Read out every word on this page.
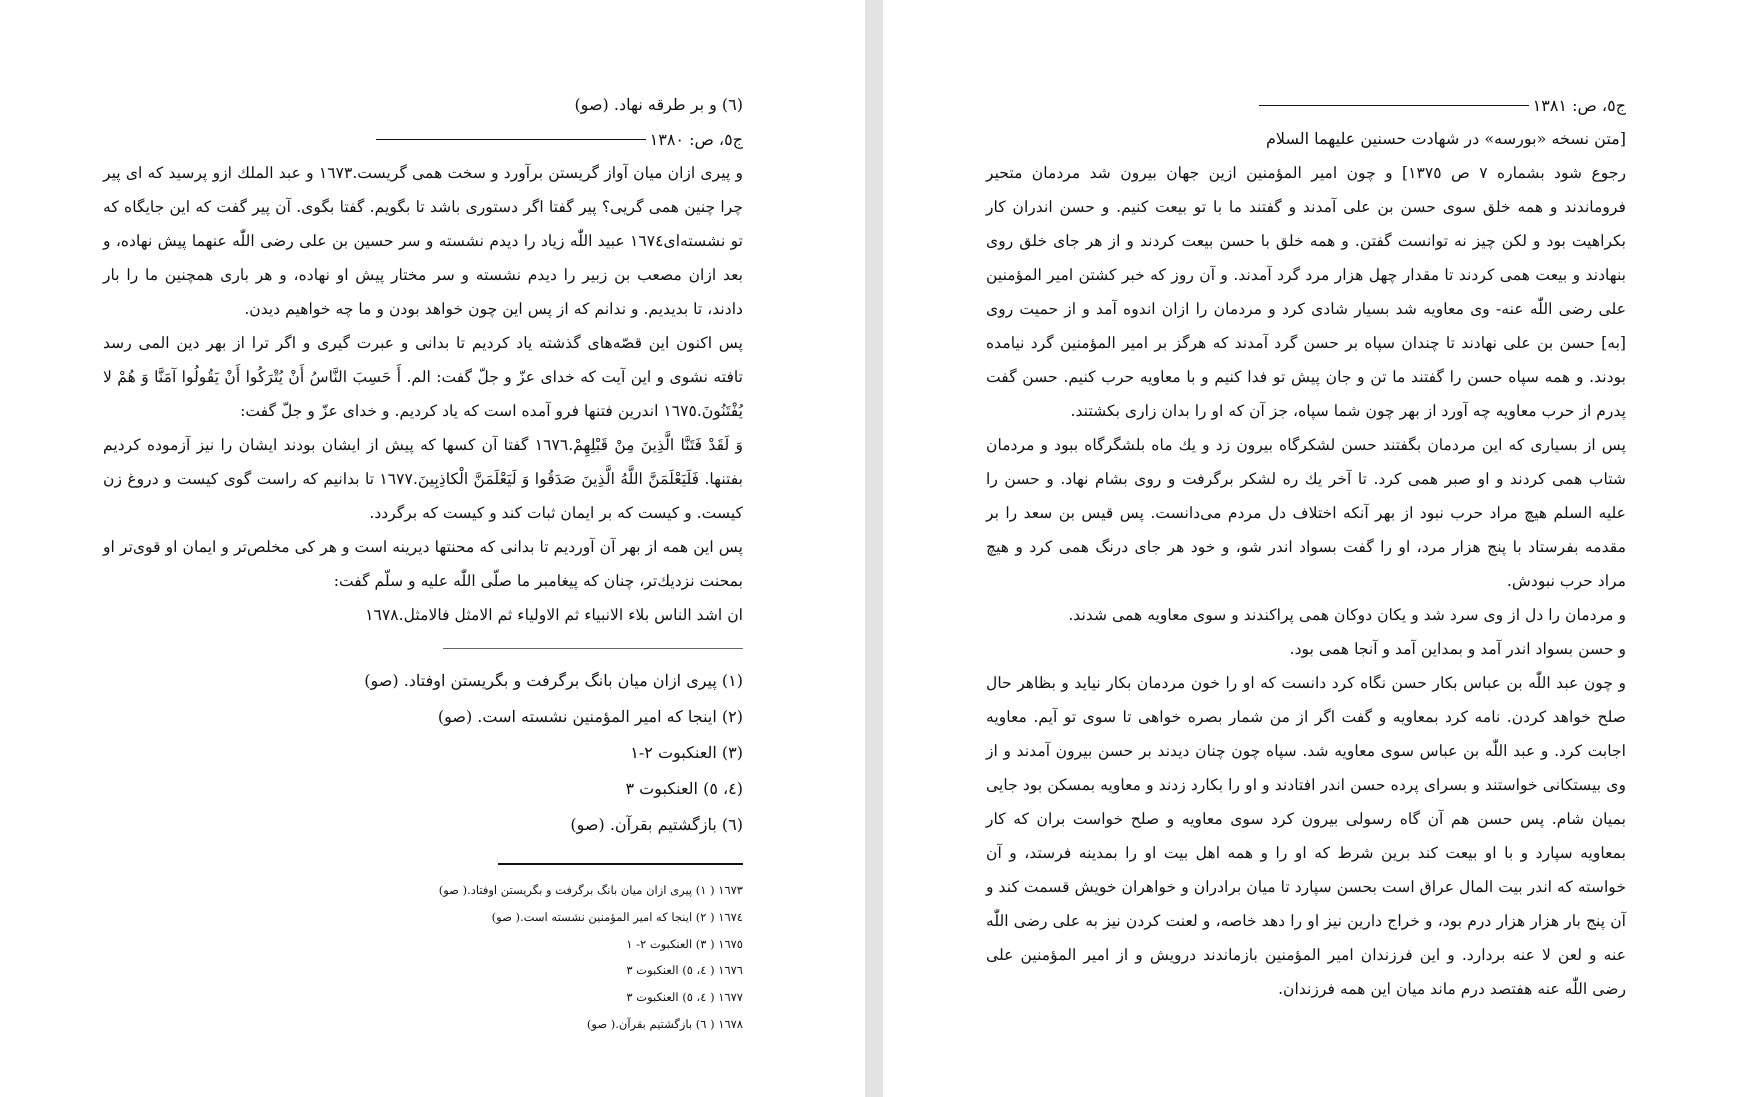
(٦) و بر طرقه نهاد. (صو)

ج٥، ص: ١٣٨٠

و پیری ازان میان آواز گریستن برآورد و سخت همی گریست.١٦٧٣ و عبد الملك ازو پرسید که ای پیر چرا چنین همی گریی؟ پیر گفتا اگر دستوری باشد تا بگویم. گفتا بگوی. آن پیر گفت که این جایگاه که تو نشسته‌ای١٦٧٤ عبید اللّٰه زیاد را دیدم نشسته و سر حسین بن علی رضی اللّٰه عنهما پیش نهاده، و بعد ازان مصعب بن زبیر را دیدم نشسته و سر مختار پیش او نهاده، و هر باری همچنین ما را بار دادند، تا بدیدیم. و ندانم که از پس این چون خواهد بودن و ما چه خواهیم دیدن.

پس اکنون این قصّه‌های گذشته یاد کردیم تا بدانی و عبرت گیری و اگر ترا از بهر دین المی رسد تافته نشوی و این آیت که خدای عزّ و جلّ گفت: الم. أَ حَسِبَ النَّاسُ أَنْ يُتْرَكُوا أَنْ يَقُولُوا آمَنَّا وَ هُمْ لا يُفْتَنُونَ.١٦٧٥ اندرین فتنها فرو آمده است که یاد کردیم. و خدای عزّ و جلّ گفت:

وَ لَقَدْ فَتَنَّا الَّذِينَ مِنْ قَبْلِهِمْ.١٦٧٦ گفتا آن کسها که پیش از ایشان بودند ایشان را نیز آزموده کردیم بفتنها. فَلَيَعْلَمَنَّ اللَّهُ الَّذِينَ صَدَقُوا وَ لَيَعْلَمَنَّ الْكاذِبِينَ.١٦٧٧ تا بدانیم که راست گوی کیست و دروغ زن کیست. و کیست که بر ایمان ثبات کند و کیست که برگردد.

پس این همه از بهر آن آوردیم تا بدانی که محنتها دیرینه است و هر کی مخلص‌تر و ایمان او قوی‌تر او بمحنت نزدیك‌تر، چنان که پیغامبر ما صلّی اللّٰه علیه و سلّم گفت:

ان اشد الناس بلاء الانبیاء ثم الاولیاء ثم الامثل فالامثل.١٦٧٨

(١) پیری ازان میان بانگ برگرفت و بگریستن اوفتاد. (صو)

(٢) اینجا که امیر المؤمنین نشسته است. (صو)

(٣) العنکبوت ٢-١

(٤، ٥) العنکبوت ٣

(٦) بازگشتیم بقرآن. (صو)

١٦٧٣ ( ١) پیری ازان میان بانگ برگرفت و بگریستن اوفتاد.( صو)

١٦٧٤ ( ٢) اینجا که امیر المؤمنین نشسته است.( صو)

١٦٧٥ ( ٣) العنکبوت ٢- ١

١٦٧٦ ( ٤، ٥) العنکبوت ٣

١٦٧٧ ( ٤، ٥) العنکبوت ٣

١٦٧٨ ( ٦) بازگشتیم بقرآن.( صو)

ج٥، ص: ١٣٨١

[متن نسخه «بورسه» در شهادت حسنین علیهما السلام

رجوع شود بشماره ٧ ص ١٣٧٥] و چون امیر المؤمنین ازین جهان بیرون شد مردمان متحیر فروماندند و همه خلق سوی حسن بن علی آمدند و گفتند ما با تو بیعت کنیم. و حسن اندران کار بکراهیت بود و لکن چیز نه توانست گفتن. و همه خلق با حسن بیعت کردند و از هر جای خلق روی بنهادند و بیعت همی کردند تا مقدار چهل هزار مرد گرد آمدند. و آن روز که خبر کشتن امیر المؤمنین علی رضی اللّٰه عنه- وی معاویه شد بسیار شادی کرد و مردمان را ازان اندوه آمد و از حمیت روی [به] حسن بن علی نهادند تا چندان سپاه بر حسن گرد آمدند که هرگز بر امیر المؤمنین گرد نیامده بودند. و همه سپاه حسن را گفتند ما تن و جان پیش تو فدا کنیم و با معاویه حرب کنیم. حسن گفت پدرم از حرب معاویه چه آورد از بهر چون شما سپاه، جز آن که او را بدان زاری بکشتند.

پس از بسیاری که این مردمان بگفتند حسن لشکرگاه بیرون زد و یك ماه بلشگرگاه ببود و مردمان شتاب همی کردند و او صبر همی کرد. تا آخر یك ره لشکر برگرفت و روی بشام نهاد. و حسن را علیه السلم هیچ مراد حرب نبود از بهر آنکه اختلاف دل مردم می‌دانست. پس قیس بن سعد را بر مقدمه بفرستاد با پنج هزار مرد، او را گفت بسواد اندر شو، و خود هر جای درنگ همی کرد و هیچ مراد حرب نبودش.

و مردمان را دل از وی سرد شد و یکان دوکان همی پراکندند و سوی معاویه همی شدند.

و حسن بسواد اندر آمد و بمداین آمد و آنجا همی بود.

و چون عبد اللّٰه بن عباس بکار حسن نگاه کرد دانست که او را خون مردمان بکار نیاید و بظاهر حال صلح خواهد کردن. نامه کرد بمعاویه و گفت اگر از من شمار بصره خواهی تا سوی تو آیم. معاویه اجابت کرد. و عبد اللّٰه بن عباس سوی معاویه شد. سپاه چون چنان دیدند بر حسن بیرون آمدند و از وی بیستکانی خواستند و بسرای پرده حسن اندر افتادند و او را بکارد زدند و معاویه بمسکن بود جایی بمیان شام. پس حسن هم آن گاه رسولی بیرون کرد سوی معاویه و صلح خواست بران که کار بمعاویه سپارد و با او بیعت کند برین شرط که او را و همه اهل بیت او را بمدینه فرستد، و آن خواسته که اندر بیت المال عراق است بحسن سپارد تا میان برادران و خواهران خویش قسمت کند و آن پنج بار هزار هزار درم بود، و خراج دارین نیز او را دهد خاصه، و لعنت کردن نیز به علی رضی اللّٰه عنه و لعن لا عنه بردارد. و این فرزندان امیر المؤمنین بازماندند درویش و از امیر المؤمنین علی رضی اللّٰه عنه هفتصد درم ماند میان این همه فرزندان.
